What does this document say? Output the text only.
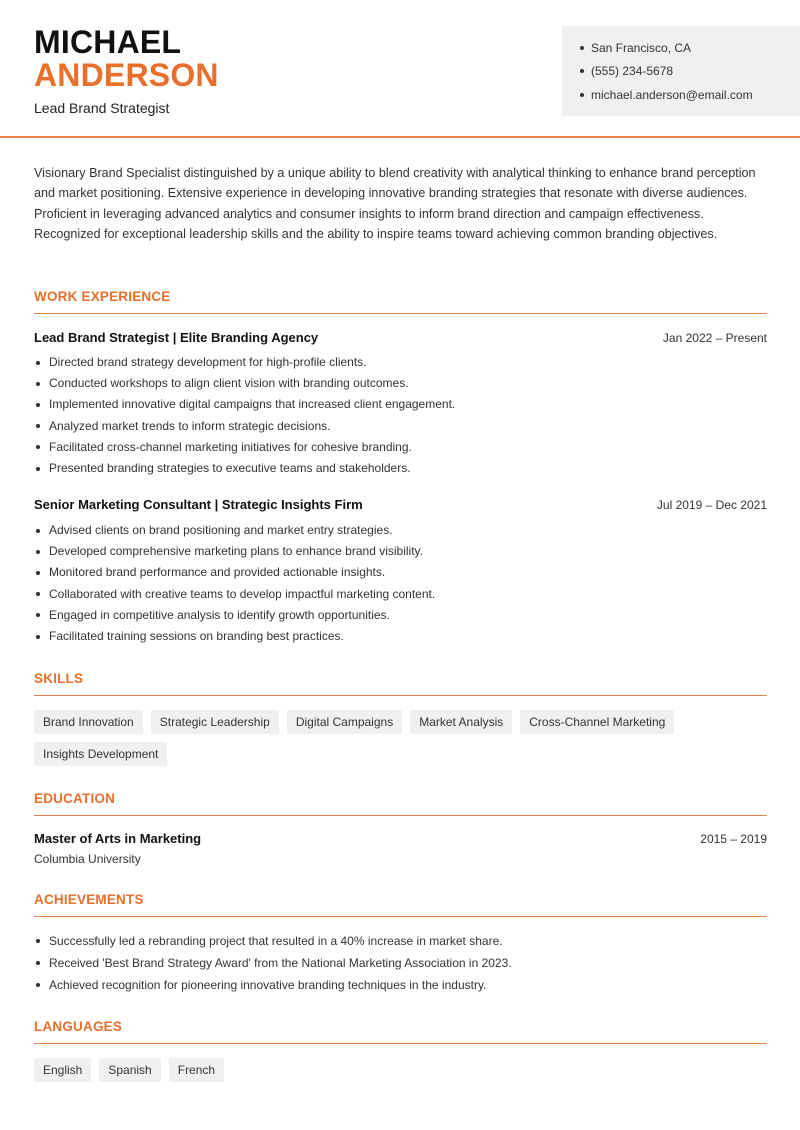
MICHAEL
ANDERSON
Lead Brand Strategist
San Francisco, CA
(555) 234-5678
michael.anderson@email.com

Visionary Brand Specialist distinguished by a unique ability to blend creativity with analytical thinking to enhance brand perception and market positioning. Extensive experience in developing innovative branding strategies that resonate with diverse audiences. Proficient in leveraging advanced analytics and consumer insights to inform brand direction and campaign effectiveness. Recognized for exceptional leadership skills and the ability to inspire teams toward achieving common branding objectives.

WORK EXPERIENCE
Lead Brand Strategist | Elite Branding Agency	Jan 2022 – Present
Directed brand strategy development for high-profile clients.
Conducted workshops to align client vision with branding outcomes.
Implemented innovative digital campaigns that increased client engagement.
Analyzed market trends to inform strategic decisions.
Facilitated cross-channel marketing initiatives for cohesive branding.
Presented branding strategies to executive teams and stakeholders.
Senior Marketing Consultant | Strategic Insights Firm	Jul 2019 – Dec 2021
Advised clients on brand positioning and market entry strategies.
Developed comprehensive marketing plans to enhance brand visibility.
Monitored brand performance and provided actionable insights.
Collaborated with creative teams to develop impactful marketing content.
Engaged in competitive analysis to identify growth opportunities.
Facilitated training sessions on branding best practices.
SKILLS
Brand Innovation	Strategic Leadership	Digital Campaigns	Market Analysis	Cross-Channel Marketing
Insights Development
EDUCATION
Master of Arts in Marketing	2015 – 2019
Columbia University
ACHIEVEMENTS
Successfully led a rebranding project that resulted in a 40% increase in market share.
Received 'Best Brand Strategy Award' from the National Marketing Association in 2023.
Achieved recognition for pioneering innovative branding techniques in the industry.
LANGUAGES
English	Spanish	French
